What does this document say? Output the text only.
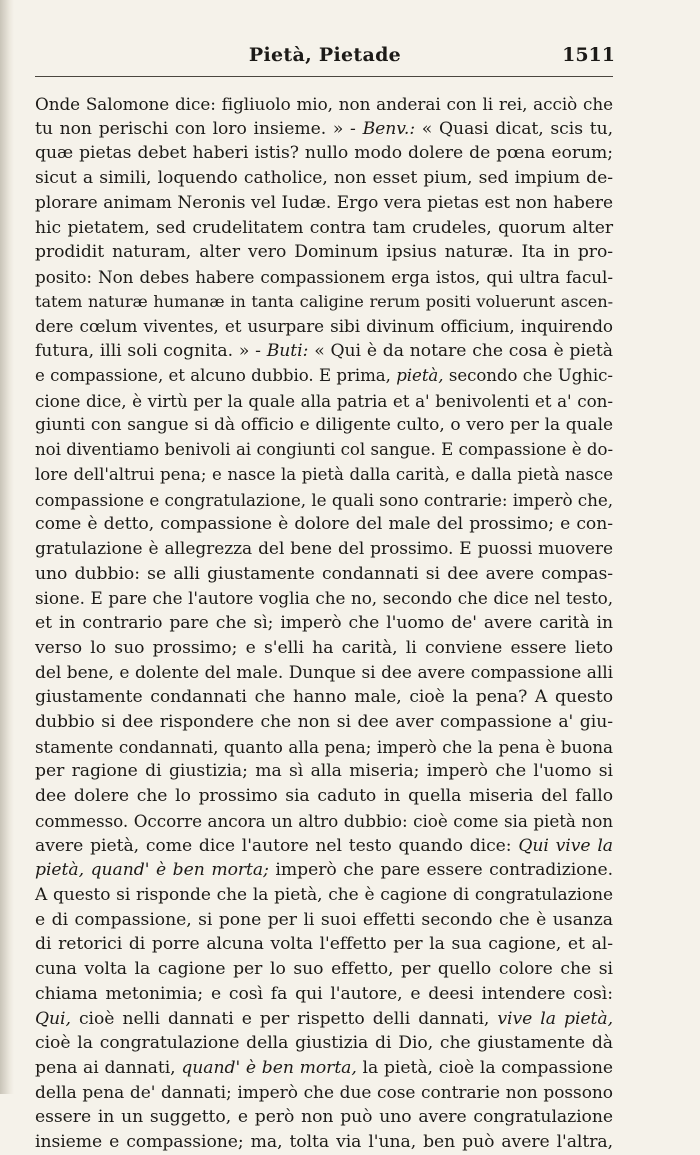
Pietà, Pietade	1511
Onde Salomone dice: figliuolo mio, non anderai con li rei, acciò che
tu non perischi con loro insieme. » - Benv.: « Quasi dicat, scis tu,
quæ pietas debet haberi istis? nullo modo dolere de pœna eorum;
sicut a simili, loquendo catholice, non esset pium, sed impium de-
plorare animam Neronis vel Iudæ. Ergo vera pietas est non habere
hic pietatem, sed crudelitatem contra tam crudeles, quorum alter
prodidit naturam, alter vero Dominum ipsius naturæ. Ita in pro-
posito: Non debes habere compassionem erga istos, qui ultra facul-
tatem naturæ humanæ in tanta caligine rerum positi voluerunt ascen-
dere cœlum viventes, et usurpare sibi divinum officium, inquirendo
futura, illi soli cognita. » - Buti: « Qui è da notare che cosa è pietà
e compassione, et alcuno dubbio. E prima, pietà, secondo che Ughic-
cione dice, è virtù per la quale alla patria et a' benivolenti et a' con-
giunti con sangue si dà officio e diligente culto, o vero per la quale
noi diventiamo benivoli ai congiunti col sangue. E compassione è do-
lore dell'altrui pena; e nasce la pietà dalla carità, e dalla pietà nasce
compassione e congratulazione, le quali sono contrarie: imperò che,
come è detto, compassione è dolore del male del prossimo; e con-
gratulazione è allegrezza del bene del prossimo. E puossi muovere
uno dubbio: se alli giustamente condannati si dee avere compas-
sione. E pare che l'autore voglia che no, secondo che dice nel testo,
et in contrario pare che sì; imperò che l'uomo de' avere carità in
verso lo suo prossimo; e s'elli ha carità, li conviene essere lieto
del bene, e dolente del male. Dunque si dee avere compassione alli
giustamente condannati che hanno male, cioè la pena? A questo
dubbio si dee rispondere che non si dee aver compassione a' giu-
stamente condannati, quanto alla pena; imperò che la pena è buona
per ragione di giustizia; ma sì alla miseria; imperò che l'uomo si
dee dolere che lo prossimo sia caduto in quella miseria del fallo
commesso. Occorre ancora un altro dubbio: cioè come sia pietà non
avere pietà, come dice l'autore nel testo quando dice: Qui vive la
pietà, quand' è ben morta; imperò che pare essere contradizione.
A questo si risponde che la pietà, che è cagione di congratulazione
e di compassione, si pone per li suoi effetti secondo che è usanza
di retorici di porre alcuna volta l'effetto per la sua cagione, et al-
cuna volta la cagione per lo suo effetto, per quello colore che si
chiama metonimia; e così fa qui l'autore, e deesi intendere così:
Qui, cioè nelli dannati e per rispetto delli dannati, vive la pietà,
cioè la congratulazione della giustizia di Dio, che giustamente dà
pena ai dannati, quand' è ben morta, la pietà, cioè la compassione
della pena de' dannati; imperò che due cose contrarie non possono
essere in un suggetto, e però non può uno avere congratulazione
insieme e compassione; ma, tolta via l'una, ben può avere l'altra,
